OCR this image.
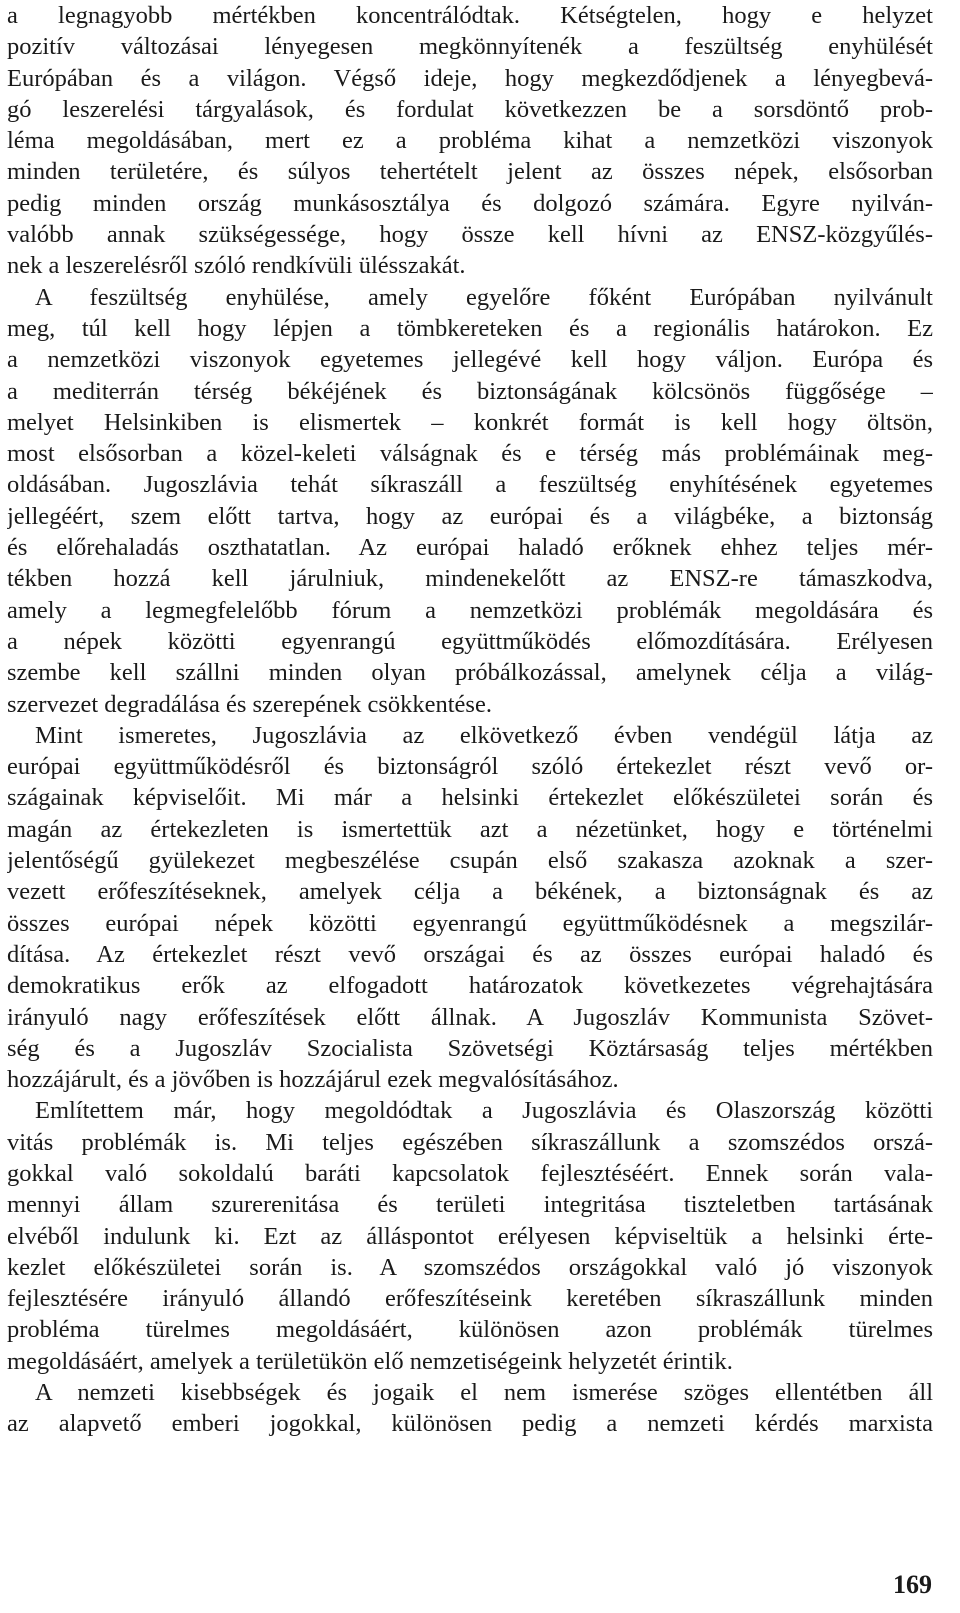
a legnagyobb mértékben koncentrálódtak. Kétségtelen, hogy e helyzet
pozitív változásai lényegesen megkönnyítenék a feszültség enyhülését
Európában és a világon. Végső ideje, hogy megkezdődjenek a lényegbevá-
gó leszerelési tárgyalások, és fordulat következzen be a sorsdöntő prob-
léma megoldásában, mert ez a probléma kihat a nemzetközi viszonyok
minden területére, és súlyos tehertételt jelent az összes népek, elsősorban
pedig minden ország munkásosztálya és dolgozó számára. Egyre nyilván-
valóbb annak szükségessége, hogy össze kell hívni az ENSZ-közgyűlés-
nek a leszerelésről szóló rendkívüli ülésszakát.
A feszültség enyhülése, amely egyelőre főként Európában nyilvánult
meg, túl kell hogy lépjen a tömbkereteken és a regionális határokon. Ez
a nemzetközi viszonyok egyetemes jellegévé kell hogy váljon. Európa és
a mediterrán térség békéjének és biztonságának kölcsönös függősége –
melyet Helsinkiben is elismertek – konkrét formát is kell hogy öltsön,
most elsősorban a közel-keleti válságnak és e térség más problémáinak meg-
oldásában. Jugoszlávia tehát síkraszáll a feszültség enyhítésének egyetemes
jellegéért, szem előtt tartva, hogy az európai és a világbéke, a biztonság
és előrehaladás oszthatatlan. Az európai haladó erőknek ehhez teljes mér-
tékben hozzá kell járulniuk, mindenekelőtt az ENSZ-re támaszkodva,
amely a legmegfelelőbb fórum a nemzetközi problémák megoldására és
a népek közötti egyenrangú együttműködés előmozdítására. Erélyesen
szembe kell szállni minden olyan próbálkozással, amelynek célja a világ-
szervezet degradálása és szerepének csökkentése.
Mint ismeretes, Jugoszlávia az elkövetkező évben vendégül látja az
európai együttműködésről és biztonságról szóló értekezlet részt vevő or-
szágainak képviselőit. Mi már a helsinki értekezlet előkészületei során és
magán az értekezleten is ismertettük azt a nézetünket, hogy e történelmi
jelentőségű gyülekezet megbeszélése csupán első szakasza azoknak a szer-
vezett erőfeszítéseknek, amelyek célja a békének, a biztonságnak és az
összes európai népek közötti egyenrangú együttműködésnek a megszilár-
dítása. Az értekezlet részt vevő országai és az összes európai haladó és
demokratikus erők az elfogadott határozatok következetes végrehajtására
irányuló nagy erőfeszítések előtt állnak. A Jugoszláv Kommunista Szövet-
ség és a Jugoszláv Szocialista Szövetségi Köztársaság teljes mértékben
hozzájárult, és a jövőben is hozzájárul ezek megvalósításához.
Említettem már, hogy megoldódtak a Jugoszlávia és Olaszország közötti
vitás problémák is. Mi teljes egészében síkraszállunk a szomszédos orszá-
gokkal való sokoldalú baráti kapcsolatok fejlesztéséért. Ennek során vala-
mennyi állam szurerenitása és területi integritása tiszteletben tartásának
elvéből indulunk ki. Ezt az álláspontot erélyesen képviseltük a helsinki érte-
kezlet előkészületei során is. A szomszédos országokkal való jó viszonyok
fejlesztésére irányuló állandó erőfeszítéseink keretében síkraszállunk minden
probléma türelmes megoldásáért, különösen azon problémák türelmes
megoldásáért, amelyek a területükön elő nemzetiségeink helyzetét érintik.
A nemzeti kisebbségek és jogaik el nem ismerése szöges ellentétben áll
az alapvető emberi jogokkal, különösen pedig a nemzeti kérdés marxista
169
